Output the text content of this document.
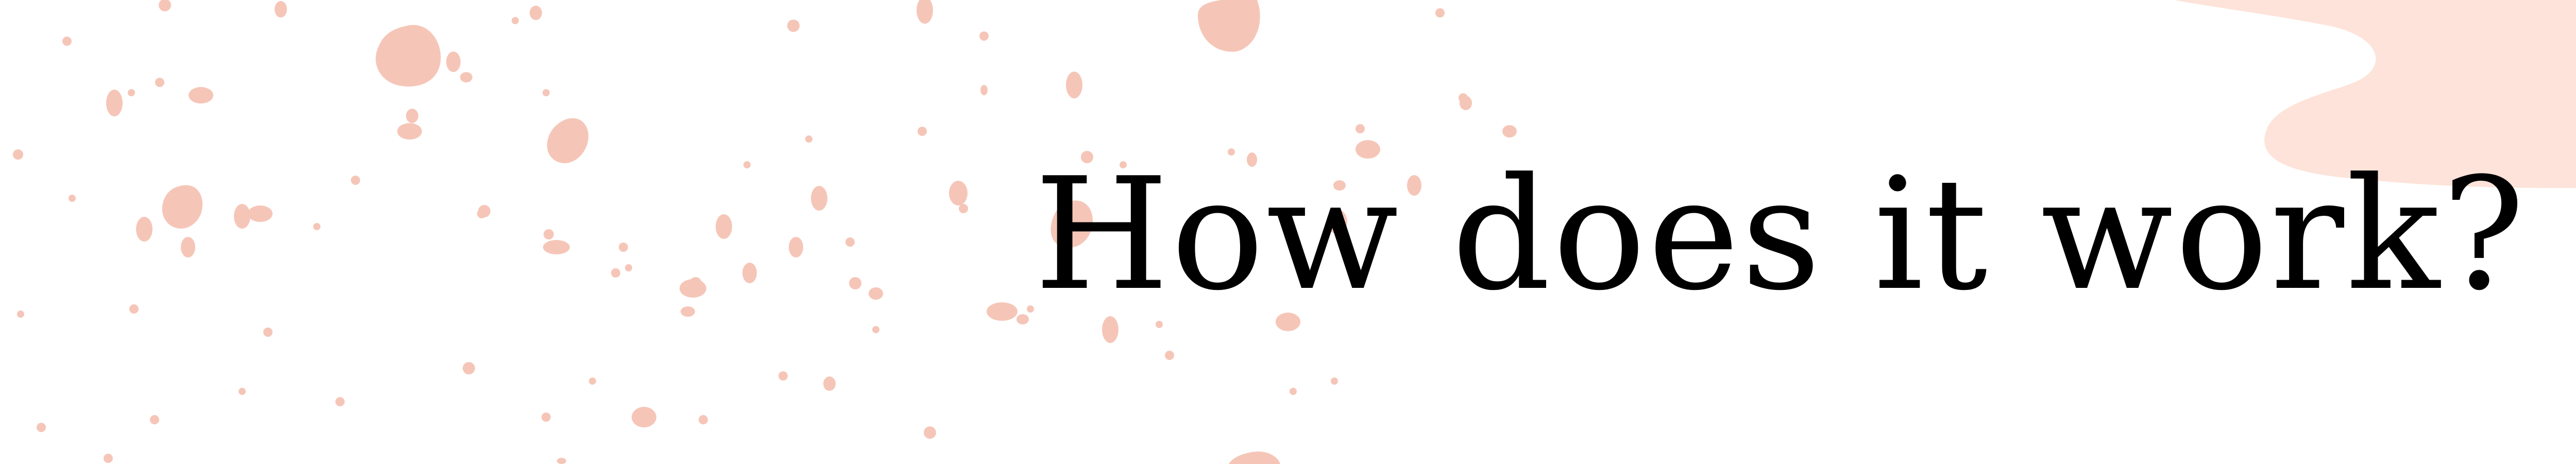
How does it work?
